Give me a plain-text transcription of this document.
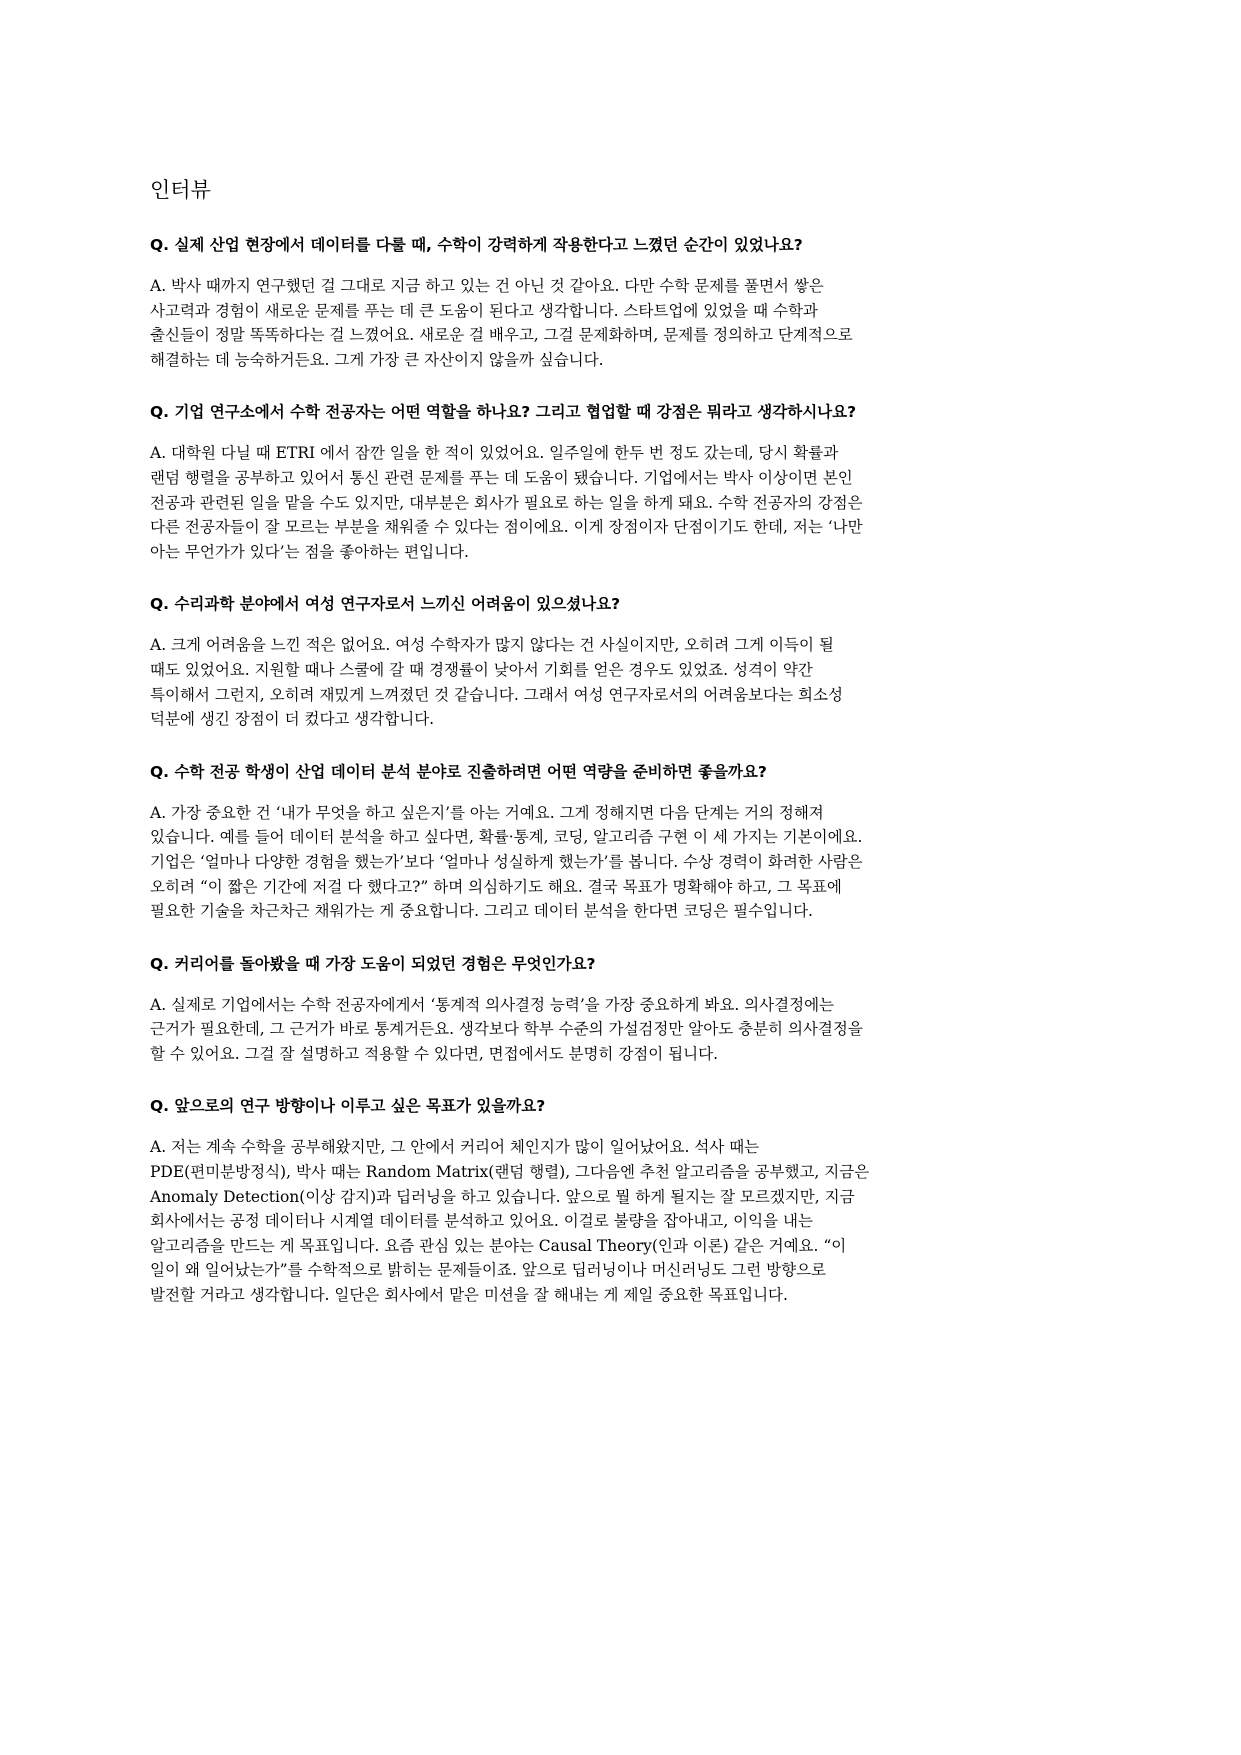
인터뷰

Q. 실제 산업 현장에서 데이터를 다룰 때, 수학이 강력하게 작용한다고 느꼈던 순간이 있었나요?

A. 박사 때까지 연구했던 걸 그대로 지금 하고 있는 건 아닌 것 같아요. 다만 수학 문제를 풀면서 쌓은
사고력과 경험이 새로운 문제를 푸는 데 큰 도움이 된다고 생각합니다. 스타트업에 있었을 때 수학과
출신들이 정말 똑똑하다는 걸 느꼈어요. 새로운 걸 배우고, 그걸 문제화하며, 문제를 정의하고 단계적으로
해결하는 데 능숙하거든요. 그게 가장 큰 자산이지 않을까 싶습니다.

Q. 기업 연구소에서 수학 전공자는 어떤 역할을 하나요? 그리고 협업할 때 강점은 뭐라고 생각하시나요?

A. 대학원 다닐 때 ETRI 에서 잠깐 일을 한 적이 있었어요. 일주일에 한두 번 정도 갔는데, 당시 확률과
랜덤 행렬을 공부하고 있어서 통신 관련 문제를 푸는 데 도움이 됐습니다. 기업에서는 박사 이상이면 본인
전공과 관련된 일을 맡을 수도 있지만, 대부분은 회사가 필요로 하는 일을 하게 돼요. 수학 전공자의 강점은
다른 전공자들이 잘 모르는 부분을 채워줄 수 있다는 점이에요. 이게 장점이자 단점이기도 한데, 저는 ‘나만
아는 무언가가 있다’는 점을 좋아하는 편입니다.

Q. 수리과학 분야에서 여성 연구자로서 느끼신 어려움이 있으셨나요?

A. 크게 어려움을 느낀 적은 없어요. 여성 수학자가 많지 않다는 건 사실이지만, 오히려 그게 이득이 될
때도 있었어요. 지원할 때나 스쿨에 갈 때 경쟁률이 낮아서 기회를 얻은 경우도 있었죠. 성격이 약간
특이해서 그런지, 오히려 재밌게 느껴졌던 것 같습니다. 그래서 여성 연구자로서의 어려움보다는 희소성
덕분에 생긴 장점이 더 컸다고 생각합니다.

Q. 수학 전공 학생이 산업 데이터 분석 분야로 진출하려면 어떤 역량을 준비하면 좋을까요?

A. 가장 중요한 건 ‘내가 무엇을 하고 싶은지’를 아는 거예요. 그게 정해지면 다음 단계는 거의 정해져
있습니다. 예를 들어 데이터 분석을 하고 싶다면, 확률·통계, 코딩, 알고리즘 구현 이 세 가지는 기본이에요.
기업은 ‘얼마나 다양한 경험을 했는가’보다 ‘얼마나 성실하게 했는가’를 봅니다. 수상 경력이 화려한 사람은
오히려 “이 짧은 기간에 저걸 다 했다고?” 하며 의심하기도 해요. 결국 목표가 명확해야 하고, 그 목표에
필요한 기술을 차근차근 채워가는 게 중요합니다. 그리고 데이터 분석을 한다면 코딩은 필수입니다.

Q. 커리어를 돌아봤을 때 가장 도움이 되었던 경험은 무엇인가요?

A. 실제로 기업에서는 수학 전공자에게서 ‘통계적 의사결정 능력’을 가장 중요하게 봐요. 의사결정에는
근거가 필요한데, 그 근거가 바로 통계거든요. 생각보다 학부 수준의 가설검정만 알아도 충분히 의사결정을
할 수 있어요. 그걸 잘 설명하고 적용할 수 있다면, 면접에서도 분명히 강점이 됩니다.

Q. 앞으로의 연구 방향이나 이루고 싶은 목표가 있을까요?

A. 저는 계속 수학을 공부해왔지만, 그 안에서 커리어 체인지가 많이 일어났어요. 석사 때는
PDE(편미분방정식), 박사 때는 Random Matrix(랜덤 행렬), 그다음엔 추천 알고리즘을 공부했고, 지금은
Anomaly Detection(이상 감지)과 딥러닝을 하고 있습니다. 앞으로 뭘 하게 될지는 잘 모르겠지만, 지금
회사에서는 공정 데이터나 시계열 데이터를 분석하고 있어요. 이걸로 불량을 잡아내고, 이익을 내는
알고리즘을 만드는 게 목표입니다. 요즘 관심 있는 분야는 Causal Theory(인과 이론) 같은 거예요. “이
일이 왜 일어났는가”를 수학적으로 밝히는 문제들이죠. 앞으로 딥러닝이나 머신러닝도 그런 방향으로
발전할 거라고 생각합니다. 일단은 회사에서 맡은 미션을 잘 해내는 게 제일 중요한 목표입니다.
